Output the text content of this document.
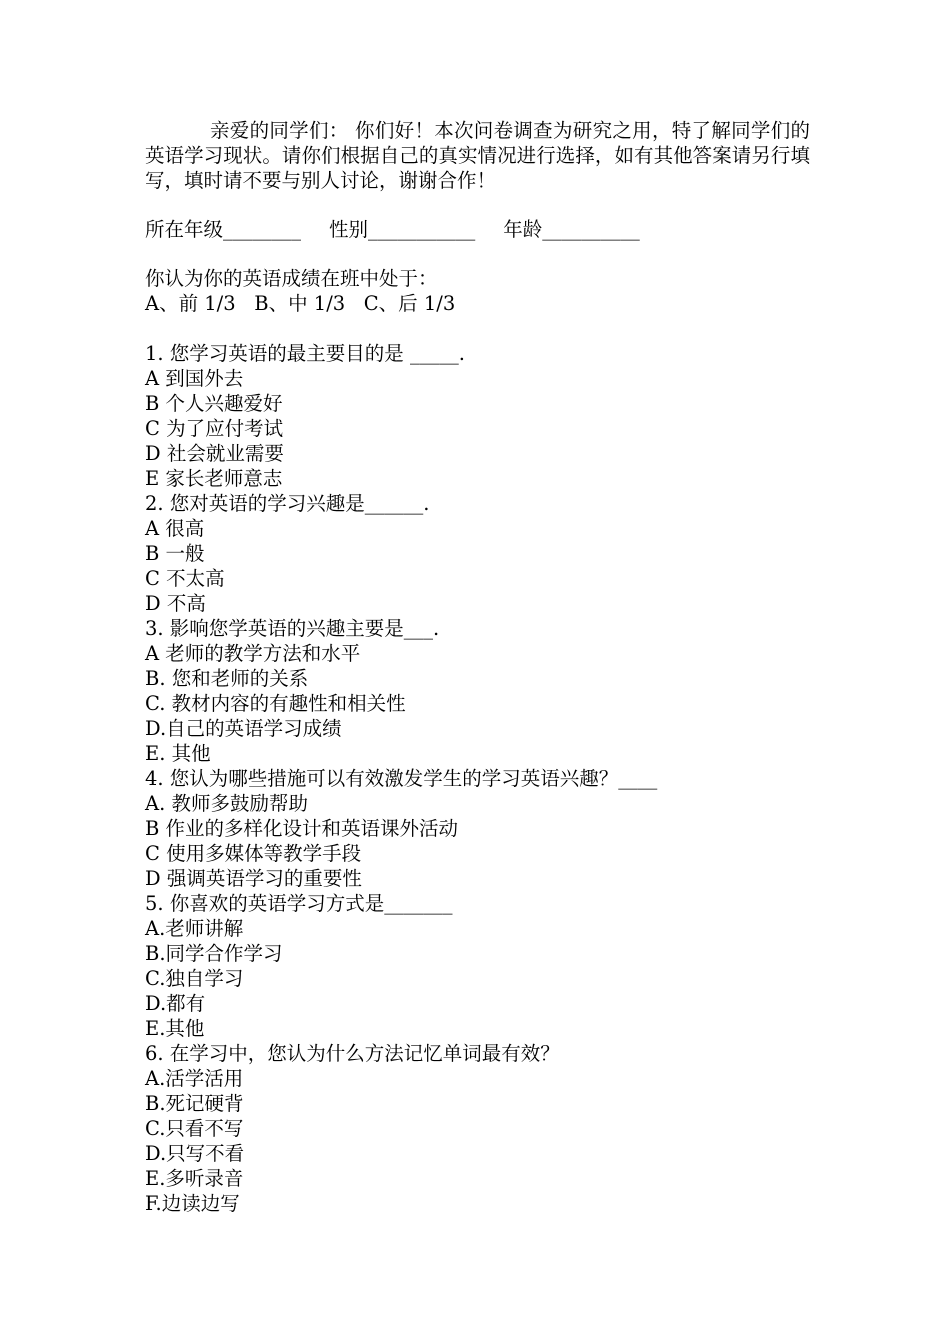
亲爱的同学们： 你们好！本次问卷调查为研究之用，特了解同学们的英语学习现状。请你们根据自己的真实情况进行选择，如有其他答案请另行填写，填时请不要与别人讨论，谢谢合作！

所在年级________ 性别___________ 年龄__________
你认为你的英语成绩在班中处于：
A、前 1/3   B、中 1/3   C、后 1/3
1. 您学习英语的最主要目的是 _____.
A 到国外去
B 个人兴趣爱好
C 为了应付考试
D 社会就业需要
E 家长老师意志
2. 您对英语的学习兴趣是______.
A 很高
B 一般
C 不太高
D 不高
3. 影响您学英语的兴趣主要是___.
A 老师的教学方法和水平
B. 您和老师的关系
C. 教材内容的有趣性和相关性
D.自己的英语学习成绩
E. 其他
4. 您认为哪些措施可以有效激发学生的学习英语兴趣？____
A. 教师多鼓励帮助
B 作业的多样化设计和英语课外活动
C 使用多媒体等教学手段
D 强调英语学习的重要性
5. 你喜欢的英语学习方式是_______
A.老师讲解
B.同学合作学习
C.独自学习
D.都有
E.其他
6. 在学习中，您认为什么方法记忆单词最有效？
A.活学活用
B.死记硬背
C.只看不写
D.只写不看
E.多听录音
F.边读边写
